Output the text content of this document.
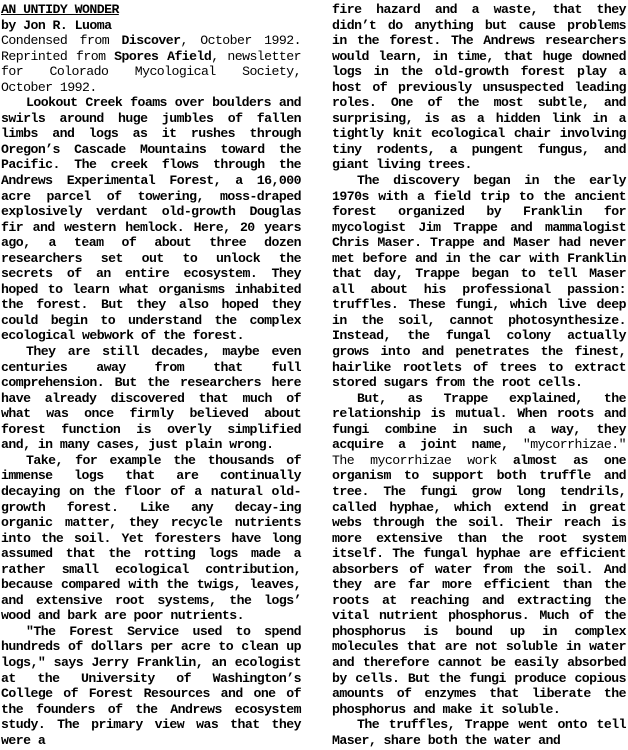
AN UNTIDY WONDER

by Jon R. Luoma

Condensed from Discover, October 1992. Reprinted from Spores Afield, newsletter for Colorado Mycological Society, October 1992.

Lookout Creek foams over boulders and swirls around huge jumbles of fallen limbs and logs as it rushes through Oregon’s Cascade Mountains toward the Pacific. The creek flows through the Andrews Experimental Forest, a 16,000 acre parcel of towering, moss-draped explosively verdant old-growth Douglas fir and western hemlock. Here, 20 years ago, a team of about three dozen researchers set out to unlock the secrets of an entire ecosystem. They hoped to learn what organisms inhabited the forest. But they also hoped they could begin to understand the complex ecological webwork of the forest.

They are still decades, maybe even centuries away from that full comprehension. But the researchers here have already discovered that much of what was once firmly believed about forest function is overly simplified and, in many cases, just plain wrong.

Take, for example the thousands of immense logs that are continually decaying on the floor of a natural old-growth forest. Like any decay-ing organic matter, they recycle nutrients into the soil. Yet foresters have long assumed that the rotting logs made a rather small ecological contribution, because compared with the twigs, leaves, and extensive root systems, the logs’ wood and bark are poor nutrients.

"The Forest Service used to spend hundreds of dollars per acre to clean up logs," says Jerry Franklin, an ecologist at the University of Washington’s College of Forest Resources and one of the founders of the Andrews ecosystem study. The primary view was that they were a

fire hazard and a waste, that they didn’t do anything but cause problems in the forest. The Andrews researchers would learn, in time, that huge downed logs in the old-growth forest play a host of previously unsuspected leading roles. One of the most subtle, and surprising, is as a hidden link in a tightly knit ecological chair involving tiny rodents, a pungent fungus, and giant living trees.

The discovery began in the early 1970s with a field trip to the ancient forest organized by Franklin for mycologist Jim Trappe and mammalogist Chris Maser. Trappe and Maser had never met before and in the car with Franklin that day, Trappe began to tell Maser all about his professional passion: truffles. These fungi, which live deep in the soil, cannot photosynthesize. Instead, the fungal colony actually grows into and penetrates the finest, hairlike rootlets of trees to extract stored sugars from the root cells.

But, as Trappe explained, the relationship is mutual. When roots and fungi combine in such a way, they acquire a joint name, "mycorrhizae." The mycorrhizae work almost as one organism to support both truffle and tree. The fungi grow long tendrils, called hyphae, which extend in great webs through the soil. Their reach is more extensive than the root system itself. The fungal hyphae are efficient absorbers of water from the soil. And they are far more efficient than the roots at reaching and extracting the vital nutrient phosphorus. Much of the phosphorus is bound up in complex molecules that are not soluble in water and therefore cannot be easily absorbed by cells. But the fungi produce copious amounts of enzymes that liberate the phosphorus and make it soluble.

The truffles, Trappe went onto tell Maser, share both the water and
